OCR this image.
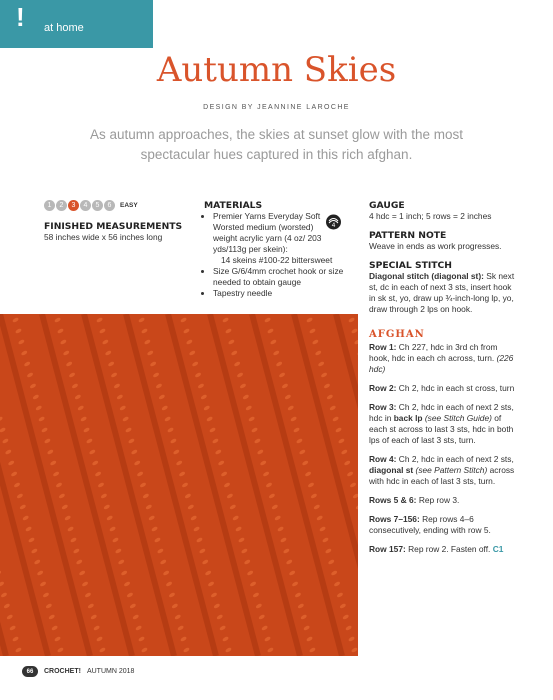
! at home
Autumn Skies
DESIGN BY JEANNINE LAROCHE
As autumn approaches, the skies at sunset glow with the most spectacular hues captured in this rich afghan.
1	2	3	4	5	6	EASY
FINISHED MEASUREMENTS
58 inches wide x 56 inches long
MATERIALS
• Premier Yarns Everyday Soft Worsted medium (worsted) weight acrylic yarn (4 oz/ 203 yds/113g per skein):
14 skeins #100-22 bittersweet
• Size G/6/4mm crochet hook or size needed to obtain gauge
• Tapestry needle
4
GAUGE
4 hdc = 1 inch; 5 rows = 2 inches
PATTERN NOTE
Weave in ends as work progresses.
SPECIAL STITCH
Diagonal stitch (diagonal st): Sk next st, dc in each of next 3 sts, insert hook in sk st, yo, draw up ¾-inch-long lp, yo, draw through 2 lps on hook.
AFGHAN
Row 1: Ch 227, hdc in 3rd ch from hook, hdc in each ch across, turn. (226 hdc)
Row 2: Ch 2, hdc in each st cross, turn
Row 3: Ch 2, hdc in each of next 2 sts, hdc in back lp (see Stitch Guide) of each st across to last 3 sts, hdc in both lps of each of last 3 sts, turn.
Row 4: Ch 2, hdc in each of next 2 sts, diagonal st (see Pattern Stitch) across with hdc in each of last 3 sts, turn.
Rows 5 & 6: Rep row 3.
Rows 7–156: Rep rows 4–6 consecutively, ending with row 5.
Row 157: Rep row 2. Fasten off. C1
66	CROCHET! AUTUMN 2018
